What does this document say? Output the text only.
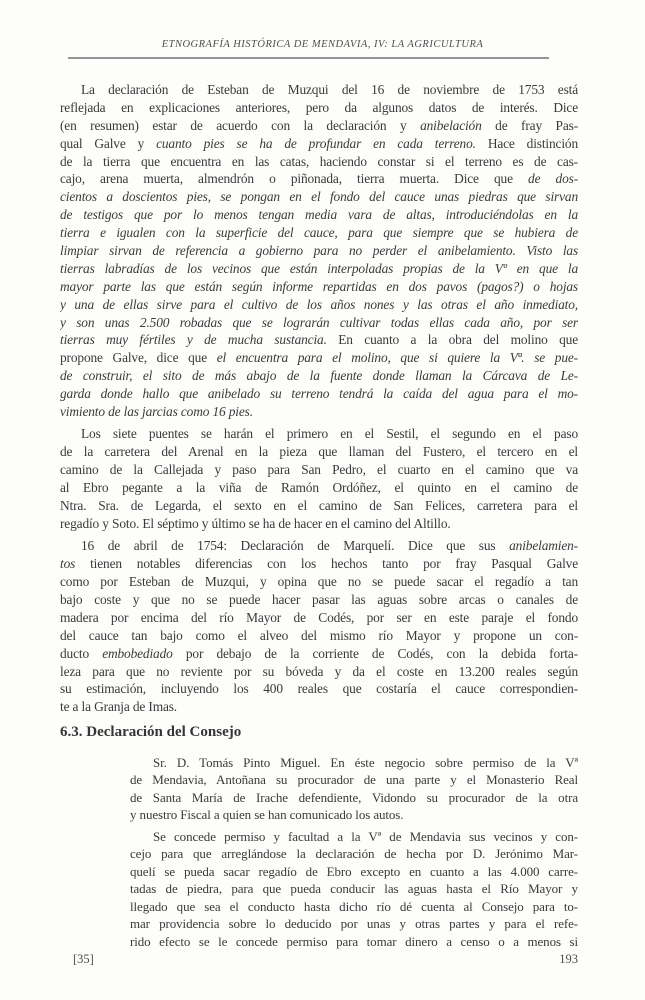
ETNOGRAFÍA HISTÓRICA DE MENDAVIA, IV: LA AGRICULTURA
La declaración de Esteban de Muzqui del 16 de noviembre de 1753 está
reflejada en explicaciones anteriores, pero da algunos datos de interés. Dice
(en resumen) estar de acuerdo con la declaración y anibelación de fray Pas-
qual Galve y cuanto pies se ha de profundar en cada terreno. Hace distinción
de la tierra que encuentra en las catas, haciendo constar si el terreno es de cas-
cajo, arena muerta, almendrón o piñonada, tierra muerta. Dice que de dos-
cientos a doscientos pies, se pongan en el fondo del cauce unas piedras que sirvan
de testigos que por lo menos tengan media vara de altas, introduciéndolas en la
tierra e igualen con la superficie del cauce, para que siempre que se hubiera de
limpiar sirvan de referencia a gobierno para no perder el anibelamiento. Visto las
tierras labradías de los vecinos que están interpoladas propias de la Vº en que la
mayor parte las que están según informe repartidas en dos pavos (pagos?) o hojas
y una de ellas sirve para el cultivo de los años nones y las otras el año inmediato,
y son unas 2.500 robadas que se lograrán cultivar todas ellas cada año, por ser
tierras muy fértiles y de mucha sustancia. En cuanto a la obra del molino que
propone Galve, dice que el encuentra para el molino, que si quiere la Vª. se pue-
de construir, el sito de más abajo de la fuente donde llaman la Cárcava de Le-
garda donde hallo que anibelado su terreno tendrá la caída del agua para el mo-
vimiento de las jarcias como 16 pies.
Los siete puentes se harán el primero en el Sestil, el segundo en el paso
de la carretera del Arenal en la pieza que llaman del Fustero, el tercero en el
camino de la Callejada y paso para San Pedro, el cuarto en el camino que va
al Ebro pegante a la viña de Ramón Ordóñez, el quinto en el camino de
Ntra. Sra. de Legarda, el sexto en el camino de San Felices, carretera para el
regadío y Soto. El séptimo y último se ha de hacer en el camino del Altillo.
16 de abril de 1754: Declaración de Marquelí. Dice que sus anibelamien-
tos tienen notables diferencias con los hechos tanto por fray Pasqual Galve
como por Esteban de Muzqui, y opina que no se puede sacar el regadío a tan
bajo coste y que no se puede hacer pasar las aguas sobre arcas o canales de
madera por encima del río Mayor de Codés, por ser en este paraje el fondo
del cauce tan bajo como el alveo del mismo río Mayor y propone un con-
ducto embobediado por debajo de la corriente de Codés, con la debida forta-
leza para que no reviente por su bóveda y da el coste en 13.200 reales según
su estimación, incluyendo los 400 reales que costaría el cauce correspondien-
te a la Granja de Imas.
6.3. Declaración del Consejo
Sr. D. Tomás Pinto Miguel. En éste negocio sobre permiso de la Vª
de Mendavia, Antoñana su procurador de una parte y el Monasterio Real
de Santa María de Irache defendiente, Vidondo su procurador de la otra
y nuestro Fiscal a quien se han comunicado los autos.
Se concede permiso y facultad a la Vª de Mendavia sus vecinos y con-
cejo para que arreglándose la declaración de hecha por D. Jerónimo Mar-
quelí se pueda sacar regadío de Ebro excepto en cuanto a las 4.000 carre-
tadas de piedra, para que pueda conducir las aguas hasta el Río Mayor y
llegado que sea el conducto hasta dicho río dé cuenta al Consejo para to-
mar providencia sobre lo deducido por unas y otras partes y para el refe-
rido efecto se le concede permiso para tomar dinero a censo o a menos si
[35]	193
